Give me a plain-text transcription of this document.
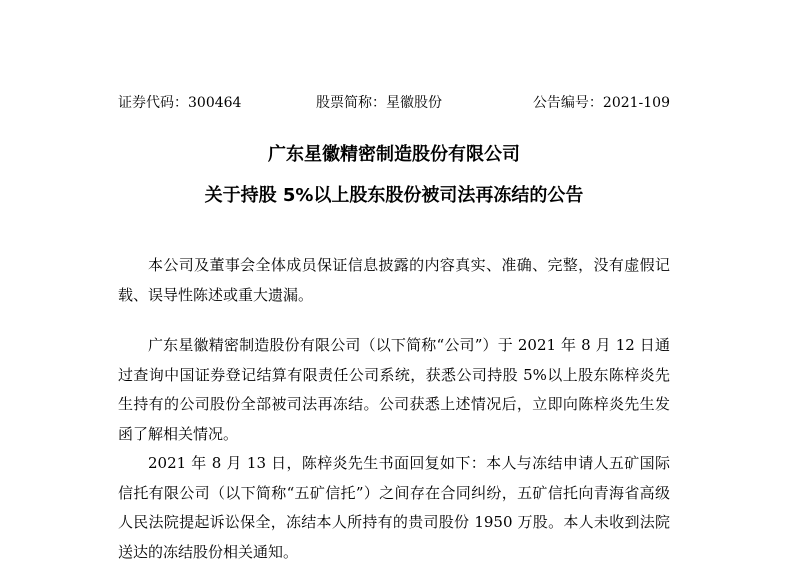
证券代码：300464	股票简称：星徽股份	公告编号：2021-109
广东星徽精密制造股份有限公司
关于持股 5%以上股东股份被司法再冻结的公告

本公司及董事会全体成员保证信息披露的内容真实、准确、完整，没有虚假记载、误导性陈述或重大遗漏。

广东星徽精密制造股份有限公司（以下简称“公司”）于 2021 年 8 月 12 日通过查询中国证券登记结算有限责任公司系统，获悉公司持股 5%以上股东陈梓炎先生持有的公司股份全部被司法再冻结。公司获悉上述情况后，立即向陈梓炎先生发函了解相关情况。

2021 年 8 月 13 日，陈梓炎先生书面回复如下：本人与冻结申请人五矿国际信托有限公司（以下简称“五矿信托”）之间存在合同纠纷，五矿信托向青海省高级人民法院提起诉讼保全，冻结本人所持有的贵司股份 1950 万股。本人未收到法院送达的冻结股份相关通知。
